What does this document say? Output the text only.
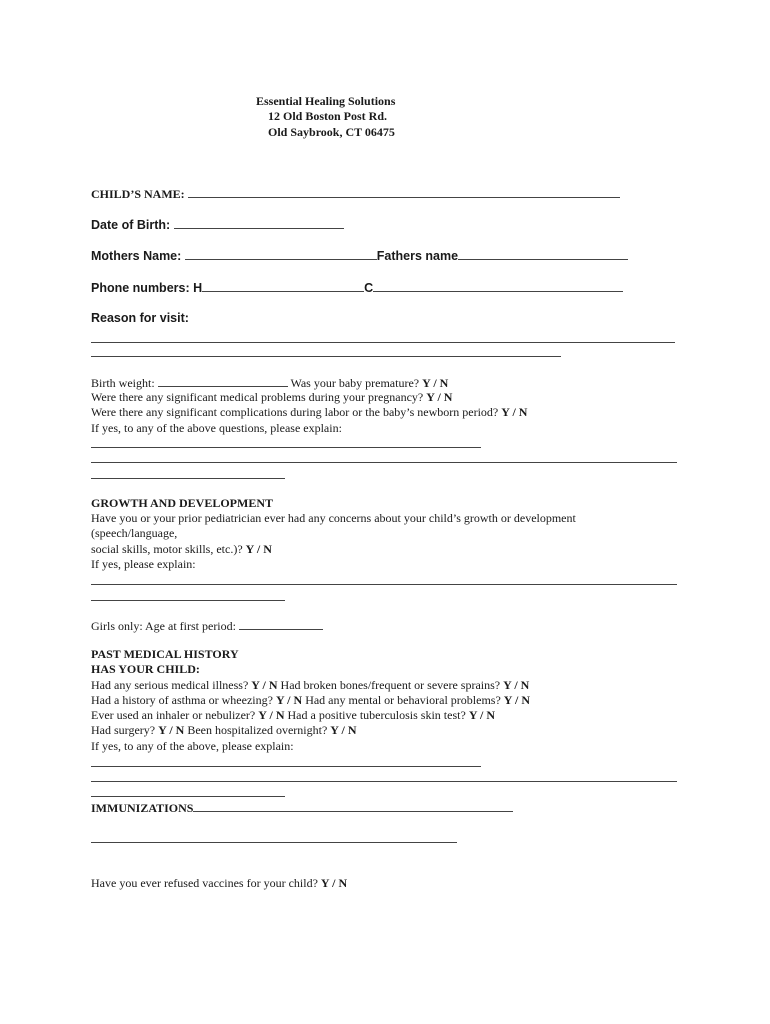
Essential Healing Solutions
12 Old Boston Post Rd.
Old Saybrook, CT 06475
CHILD’S NAME:
Date of Birth:
Mothers Name:	Fathers name
Phone numbers: H	C
Reason for visit:
Birth weight:	Was your baby premature? Y / N
Were there any significant medical problems during your pregnancy? Y / N
Were there any significant complications during labor or the baby’s newborn period? Y / N
If yes, to any of the above questions, please explain:
GROWTH AND DEVELOPMENT
Have you or your prior pediatrician ever had any concerns about your child’s growth or development
(speech/language,
social skills, motor skills, etc.)? Y / N
If yes, please explain:
Girls only: Age at first period:
PAST MEDICAL HISTORY
HAS YOUR CHILD:
Had any serious medical illness? Y / N Had broken bones/frequent or severe sprains? Y / N
Had a history of asthma or wheezing? Y / N Had any mental or behavioral problems? Y / N
Ever used an inhaler or nebulizer? Y / N Had a positive tuberculosis skin test? Y / N
Had surgery? Y / N Been hospitalized overnight? Y / N
If yes, to any of the above, please explain:
IMMUNIZATIONS
Have you ever refused vaccines for your child? Y / N
